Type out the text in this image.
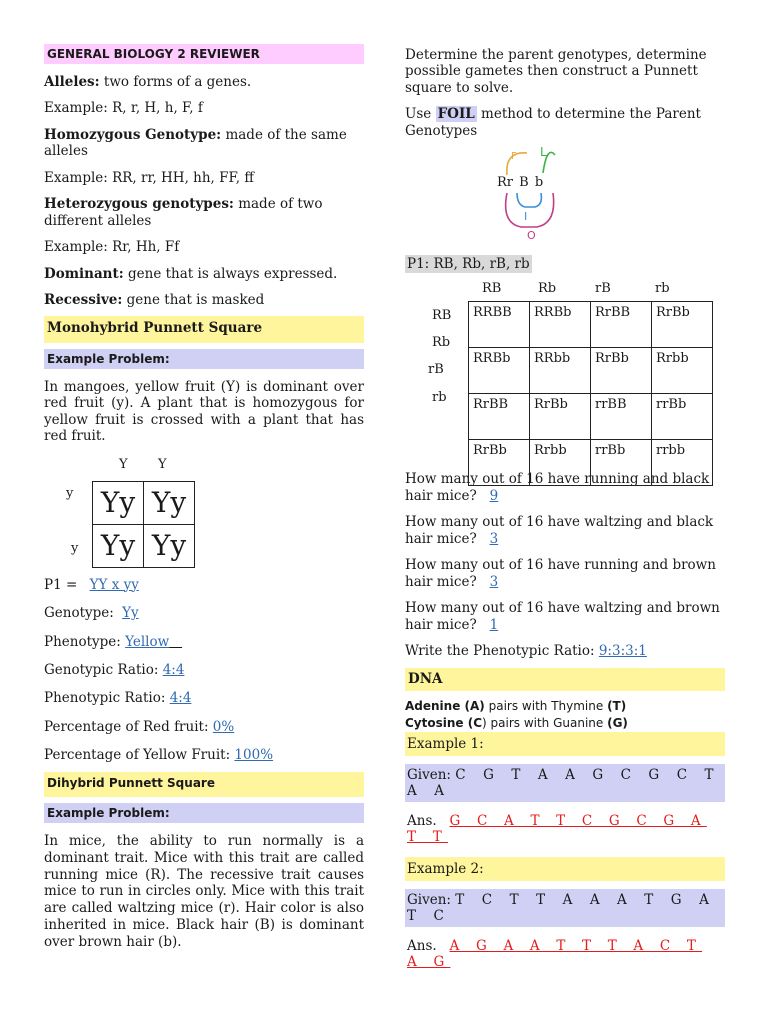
GENERAL BIOLOGY 2 REVIEWER

Alleles: two forms of a genes.

Example: R, r, H, h, F, f

Homozygous Genotype: made of the same alleles

Example: RR, rr, HH, hh, FF, ff

Heterozygous genotypes: made of two different alleles

Example: Rr, Hh, Ff

Dominant: gene that is always expressed.

Recessive: gene that is masked

Monohybrid Punnett Square
Example Problem:

In mangoes, yellow fruit (Y) is dominant over red fruit (y). A plant that is homozygous for yellow fruit is crossed with a plant that has red fruit.

Y Y
y
y
Yy	Yy
Yy	Yy

P1 = YY x yy

Genotype: Yy

Phenotype: Yellow

Genotypic Ratio: 4:4

Phenotypic Ratio: 4:4

Percentage of Red fruit: 0%

Percentage of Yellow Fruit: 100%

Dihybrid Punnett Square
Example Problem:

In mice, the ability to run normally is a dominant trait. Mice with this trait are called running mice (R). The recessive trait causes mice to run in circles only. Mice with this trait are called waltzing mice (r). Hair color is also inherited in mice. Black hair (B) is dominant over brown hair (b).

Determine the parent genotypes, determine possible gametes then construct a Punnett square to solve.

Use FOIL method to determine the Parent Genotypes

F L
I
O
Rr B b
P1: RB, Rb, rB, rb
RB	Rb	rB	rb
RB
Rb
rB
rb
RRBB	RRBb	RrBB	RrBb
RRBb	RRbb	RrBb	Rrbb
RrBB	RrBb	rrBB	rrBb
RrBb	Rrbb	rrBb	rrbb

How many out of 16 have running and black hair mice? 9

How many out of 16 have waltzing and black hair mice? 3

How many out of 16 have running and brown hair mice? 3

How many out of 16 have waltzing and brown hair mice? 1

Write the Phenotypic Ratio: 9:3:3:1

DNA
Adenine (A) pairs with Thymine (T)
Cytosine (C) pairs with Guanine (G)
Example 1:
Given: C G T A A G C G C T A A
Ans. G C A T T C G C G A T T
Example 2:
Given: T C T T A A A T G A T C
Ans. A G A A T T T A C T A G
